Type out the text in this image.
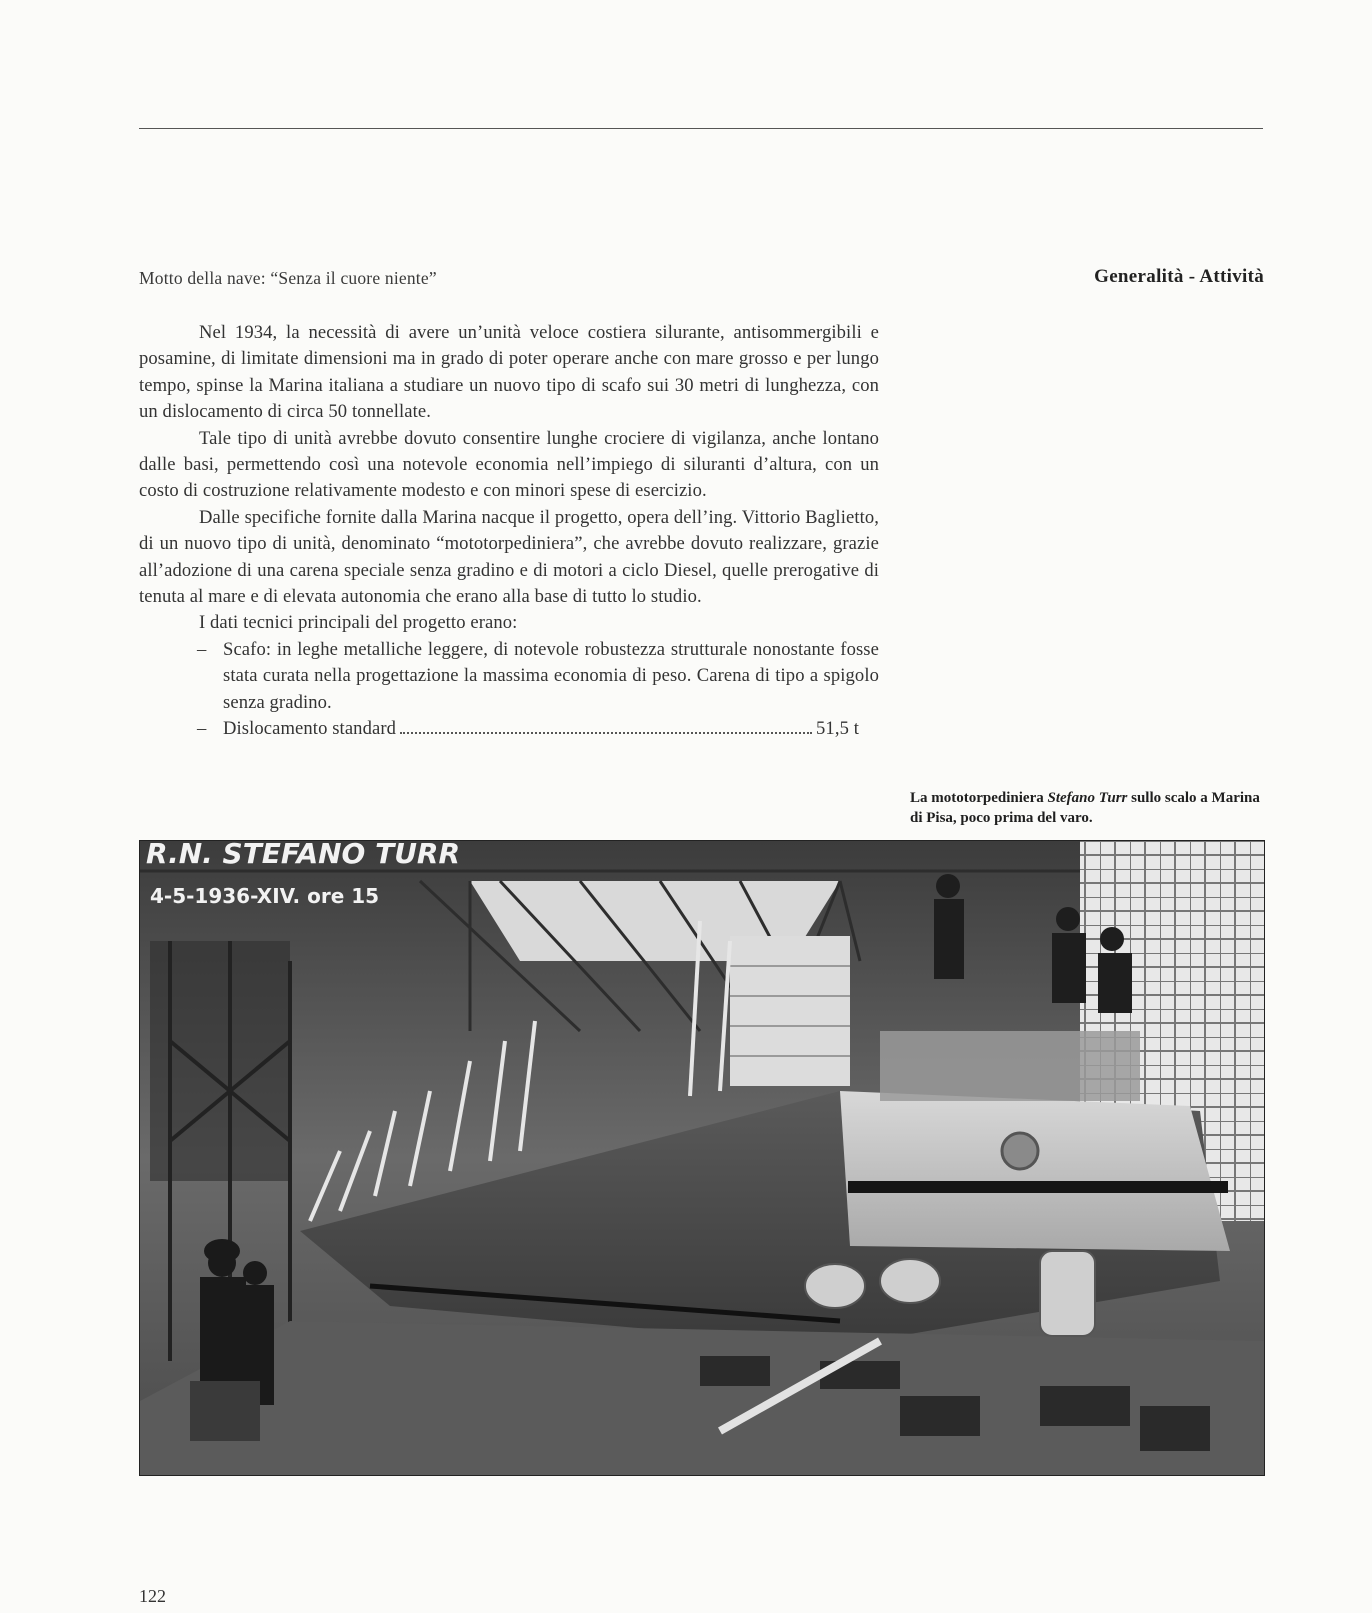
Motto della nave: “Senza il cuore niente”	Generalità - Attività

Nel 1934, la necessità di avere un’unità veloce costiera silurante, antisommergibili e posamine, di limitate dimensioni ma in grado di poter operare anche con mare grosso e per lungo tempo, spinse la Marina italiana a studiare un nuovo tipo di scafo sui 30 metri di lunghezza, con un dislocamento di circa 50 tonnellate.

Tale tipo di unità avrebbe dovuto consentire lunghe crociere di vigilanza, anche lontano dalle basi, permettendo così una notevole economia nell’impiego di siluranti d’altura, con un costo di costruzione relativamente modesto e con minori spese di esercizio.

Dalle specifiche fornite dalla Marina nacque il progetto, opera dell’ing. Vittorio Baglietto, di un nuovo tipo di unità, denominato “mototorpediniera”, che avrebbe dovuto realizzare, grazie all’adozione di una carena speciale senza gradino e di motori a ciclo Diesel, quelle prerogative di tenuta al mare e di elevata autonomia che erano alla base di tutto lo studio.

I dati tecnici principali del progetto erano:

– Scafo: in leghe metalliche leggere, di notevole robustezza strutturale nonostante fosse stata curata nella progettazione la massima economia di peso. Carena di tipo a spigolo senza gradino.
– Dislocamento standard	51,5 t
La mototorpediniera Stefano Turr sullo scalo a Marina di Pisa, poco prima del varo.
R.N. STEFANO TURR
4-5-1936-XIV. ore 15
122
